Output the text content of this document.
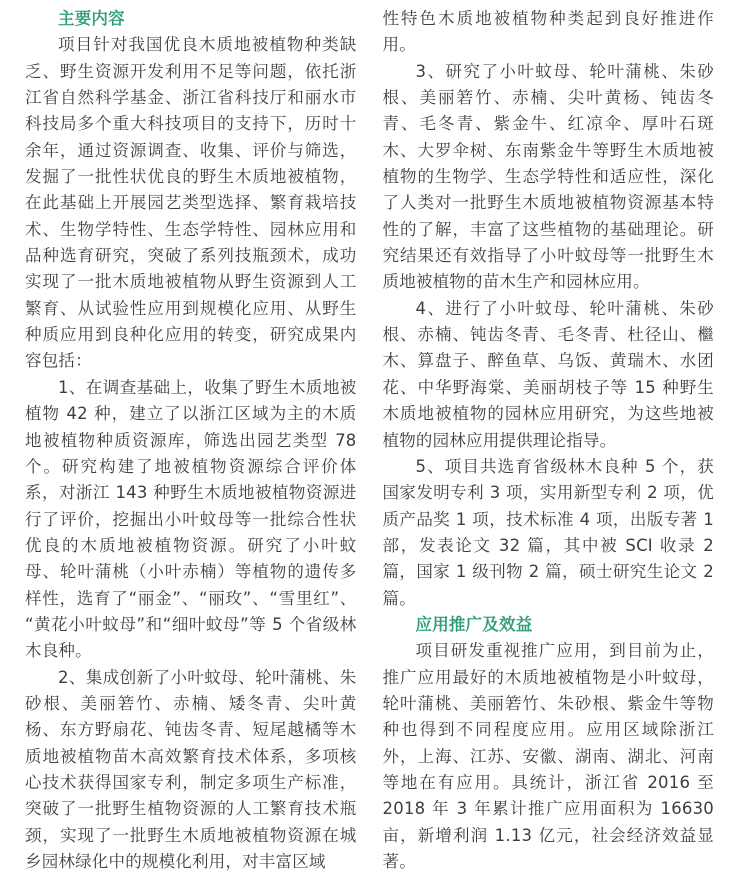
主要内容

项目针对我国优良木质地被植物种类缺乏、野生资源开发利用不足等问题，依托浙江省自然科学基金、浙江省科技厅和丽水市科技局多个重大科技项目的支持下，历时十余年，通过资源调查、收集、评价与筛选，发掘了一批性状优良的野生木质地被植物，在此基础上开展园艺类型选择、繁育栽培技术、生物学特性、生态学特性、园林应用和品种选育研究，突破了系列技瓶颈术，成功实现了一批木质地被植物从野生资源到人工繁育、从试验性应用到规模化应用、从野生种质应用到良种化应用的转变，研究成果内容包括：

1、在调查基础上，收集了野生木质地被植物 42 种，建立了以浙江区域为主的木质地被植物种质资源库，筛选出园艺类型 78 个。研究构建了地被植物资源综合评价体系，对浙江 143 种野生木质地被植物资源进行了评价，挖掘出小叶蚊母等一批综合性状优良的木质地被植物资源。研究了小叶蚊母、轮叶蒲桃（小叶赤楠）等植物的遗传多样性，选育了“丽金”、“丽玫”、“雪里红”、“黄花小叶蚊母”和“细叶蚊母”等 5 个省级林木良种。

2、集成创新了小叶蚊母、轮叶蒲桃、朱砂根、美丽箬竹、赤楠、矮冬青、尖叶黄杨、东方野扇花、钝齿冬青、短尾越橘等木质地被植物苗木高效繁育技术体系，多项核心技术获得国家专利，制定多项生产标准，突破了一批野生植物资源的人工繁育技术瓶颈，实现了一批野生木质地被植物资源在城乡园林绿化中的规模化利用，对丰富区域

性特色木质地被植物种类起到良好推进作用。

3、研究了小叶蚊母、轮叶蒲桃、朱砂根、美丽箬竹、赤楠、尖叶黄杨、钝齿冬青、毛冬青、紫金牛、红凉伞、厚叶石斑木、大罗伞树、东南紫金牛等野生木质地被植物的生物学、生态学特性和适应性，深化了人类对一批野生木质地被植物资源基本特性的了解，丰富了这些植物的基础理论。研究结果还有效指导了小叶蚊母等一批野生木质地被植物的苗木生产和园林应用。

4、进行了小叶蚊母、轮叶蒲桃、朱砂根、赤楠、钝齿冬青、毛冬青、杜径山、檵木、算盘子、醉鱼草、乌饭、黄瑞木、水团花、中华野海棠、美丽胡枝子等 15 种野生木质地被植物的园林应用研究，为这些地被植物的园林应用提供理论指导。

5、项目共选育省级林木良种 5 个，获国家发明专利 3 项，实用新型专利 2 项，优质产品奖 1 项，技术标准 4 项，出版专著 1 部，发表论文 32 篇，其中被 SCI 收录 2 篇，国家 1 级刊物 2 篇，硕士研究生论文 2 篇。

应用推广及效益

项目研发重视推广应用，到目前为止，推广应用最好的木质地被植物是小叶蚊母，轮叶蒲桃、美丽箬竹、朱砂根、紫金牛等物种也得到不同程度应用。应用区域除浙江外，上海、江苏、安徽、湖南、湖北、河南等地在有应用。具统计，浙江省 2016 至 2018 年 3 年累计推广应用面积为 16630 亩，新增利润 1.13 亿元，社会经济效益显著。
